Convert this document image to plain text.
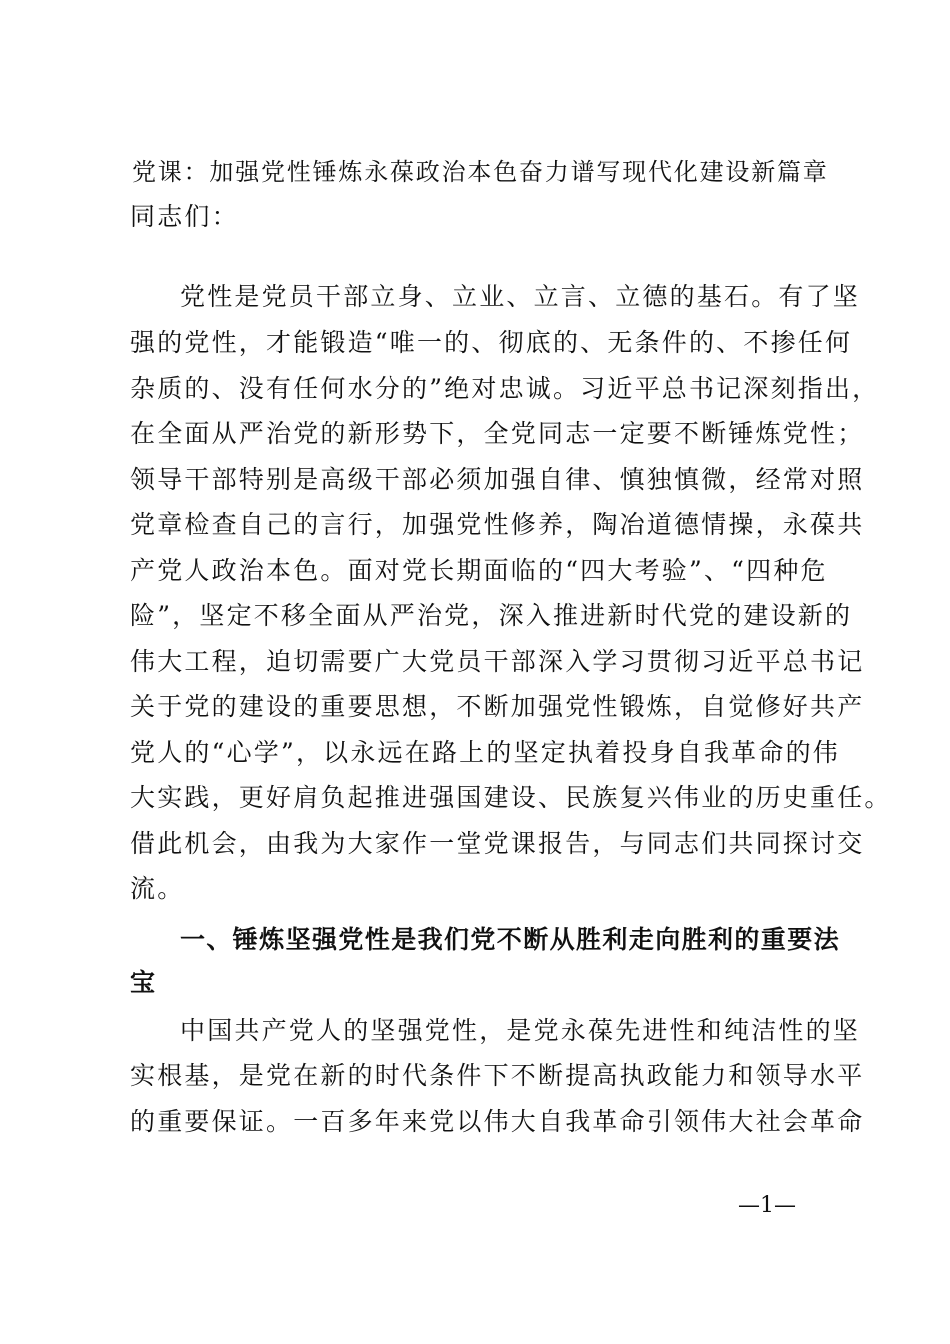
党课：加强党性锤炼永葆政治本色奋力谱写现代化建设新篇章
同志们：
党性是党员干部立身、立业、立言、立德的基石。有了坚
强的党性，才能锻造“唯一的、彻底的、无条件的、不掺任何
杂质的、没有任何水分的”绝对忠诚。习近平总书记深刻指出，
在全面从严治党的新形势下，全党同志一定要不断锤炼党性；
领导干部特别是高级干部必须加强自律、慎独慎微，经常对照
党章检查自己的言行，加强党性修养，陶冶道德情操，永葆共
产党人政治本色。面对党长期面临的“四大考验”、“四种危
险”，坚定不移全面从严治党，深入推进新时代党的建设新的
伟大工程，迫切需要广大党员干部深入学习贯彻习近平总书记
关于党的建设的重要思想，不断加强党性锻炼，自觉修好共产
党人的“心学”，以永远在路上的坚定执着投身自我革命的伟
大实践，更好肩负起推进强国建设、民族复兴伟业的历史重任。
借此机会，由我为大家作一堂党课报告，与同志们共同探讨交
流。
一、锤炼坚强党性是我们党不断从胜利走向胜利的重要法
宝
中国共产党人的坚强党性，是党永葆先进性和纯洁性的坚
实根基，是党在新的时代条件下不断提高执政能力和领导水平
的重要保证。一百多年来党以伟大自我革命引领伟大社会革命
—1—
